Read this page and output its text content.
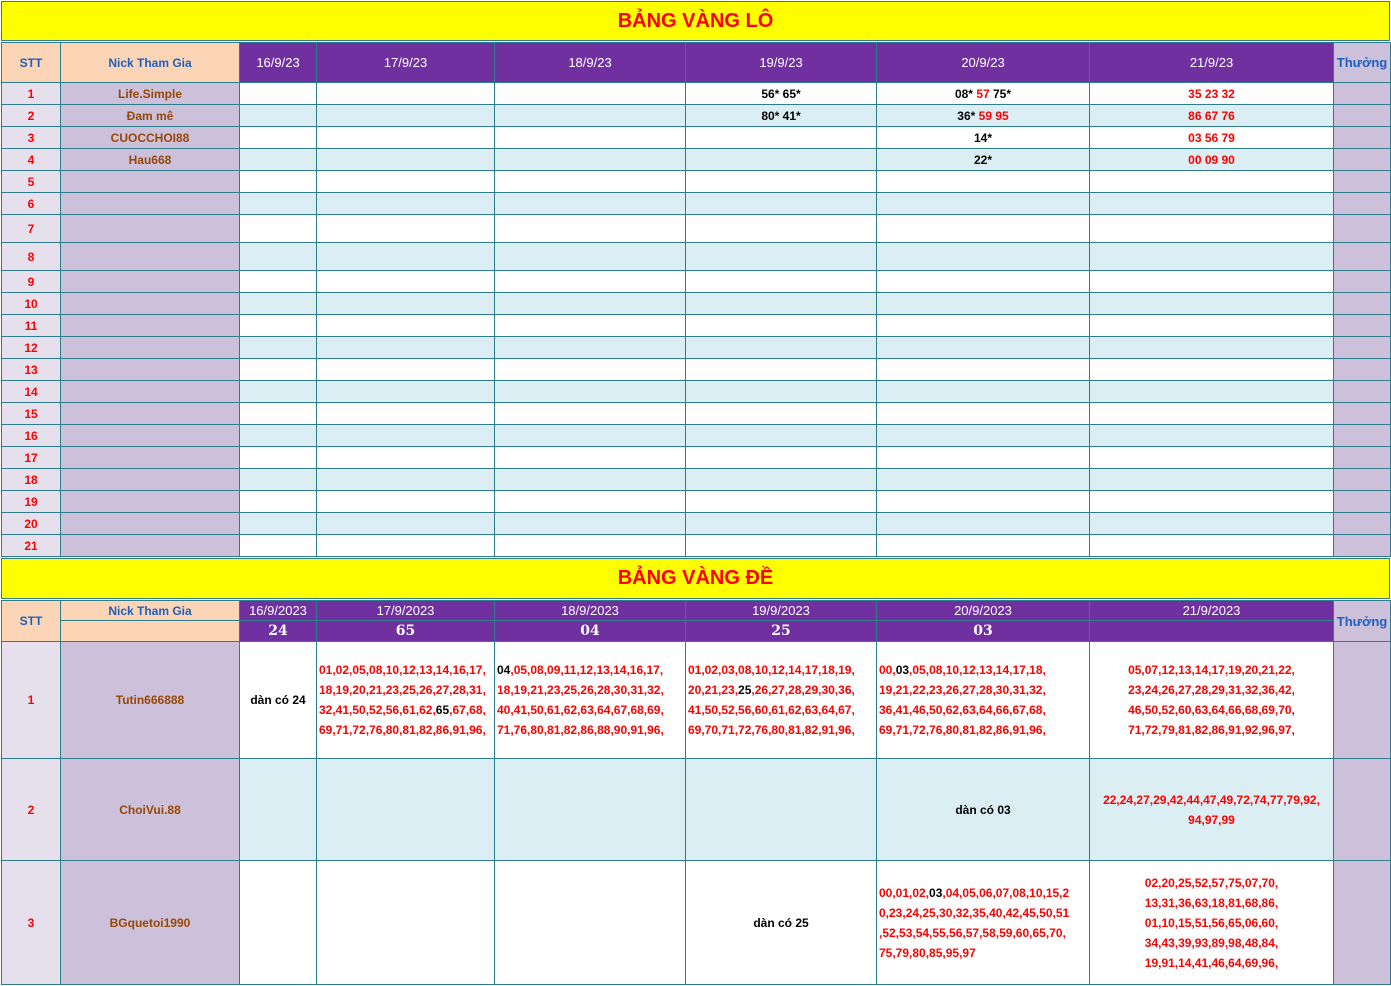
BẢNG VÀNG LÔ
STT	Nick Tham Gia	16/9/23	17/9/23	18/9/23	19/9/23	20/9/23	21/9/23	Thưởng
1	Life.Simple				56* 65*	08* 57 75*	35 23 32	
2	Đam mê				80* 41*	36* 59 95	86 67 76	
3	CUOCCHOI88					14*	03 56 79	
4	Hau668					22*	00 09 90	
5								
6								
7								
8								
9								
10								
11								
12								
13								
14								
15								
16								
17								
18								
19								
20								
21								
BẢNG VÀNG ĐỀ
STT	Nick Tham Gia	16/9/2023	17/9/2023	18/9/2023	19/9/2023	20/9/2023	21/9/2023	Thưởng
		24	65	04	25	03		
1	Tutin666888	dàn có 24	01,02,05,08,10,12,13,14,16,17,
18,19,20,21,23,25,26,27,28,31,
32,41,50,52,56,61,62,65,67,68,
69,71,72,76,80,81,82,86,91,96,	04,05,08,09,11,12,13,14,16,17,
18,19,21,23,25,26,28,30,31,32,
40,41,50,61,62,63,64,67,68,69,
71,76,80,81,82,86,88,90,91,96,	01,02,03,08,10,12,14,17,18,19,
20,21,23,25,26,27,28,29,30,36,
41,50,52,56,60,61,62,63,64,67,
69,70,71,72,76,80,81,82,91,96,	00,03,05,08,10,12,13,14,17,18,
19,21,22,23,26,27,28,30,31,32,
36,41,46,50,62,63,64,66,67,68,
69,71,72,76,80,81,82,86,91,96,	05,07,12,13,14,17,19,20,21,22,
23,24,26,27,28,29,31,32,36,42,
46,50,52,60,63,64,66,68,69,70,
71,72,79,81,82,86,91,92,96,97,	

2	ChoiVui.88					dàn có 03	22,24,27,29,42,44,47,49,72,74,77,79,92,
94,97,99	

3	BGquetoi1990				dàn có 25	00,01,02,03,04,05,06,07,08,10,15,2
0,23,24,25,30,32,35,40,42,45,50,51
,52,53,54,55,56,57,58,59,60,65,70,
75,79,80,85,95,97	02,20,25,52,57,75,07,70,
13,31,36,63,18,81,68,86,
01,10,15,51,56,65,06,60,
34,43,39,93,89,98,48,84,
19,91,14,41,46,64,69,96,	
